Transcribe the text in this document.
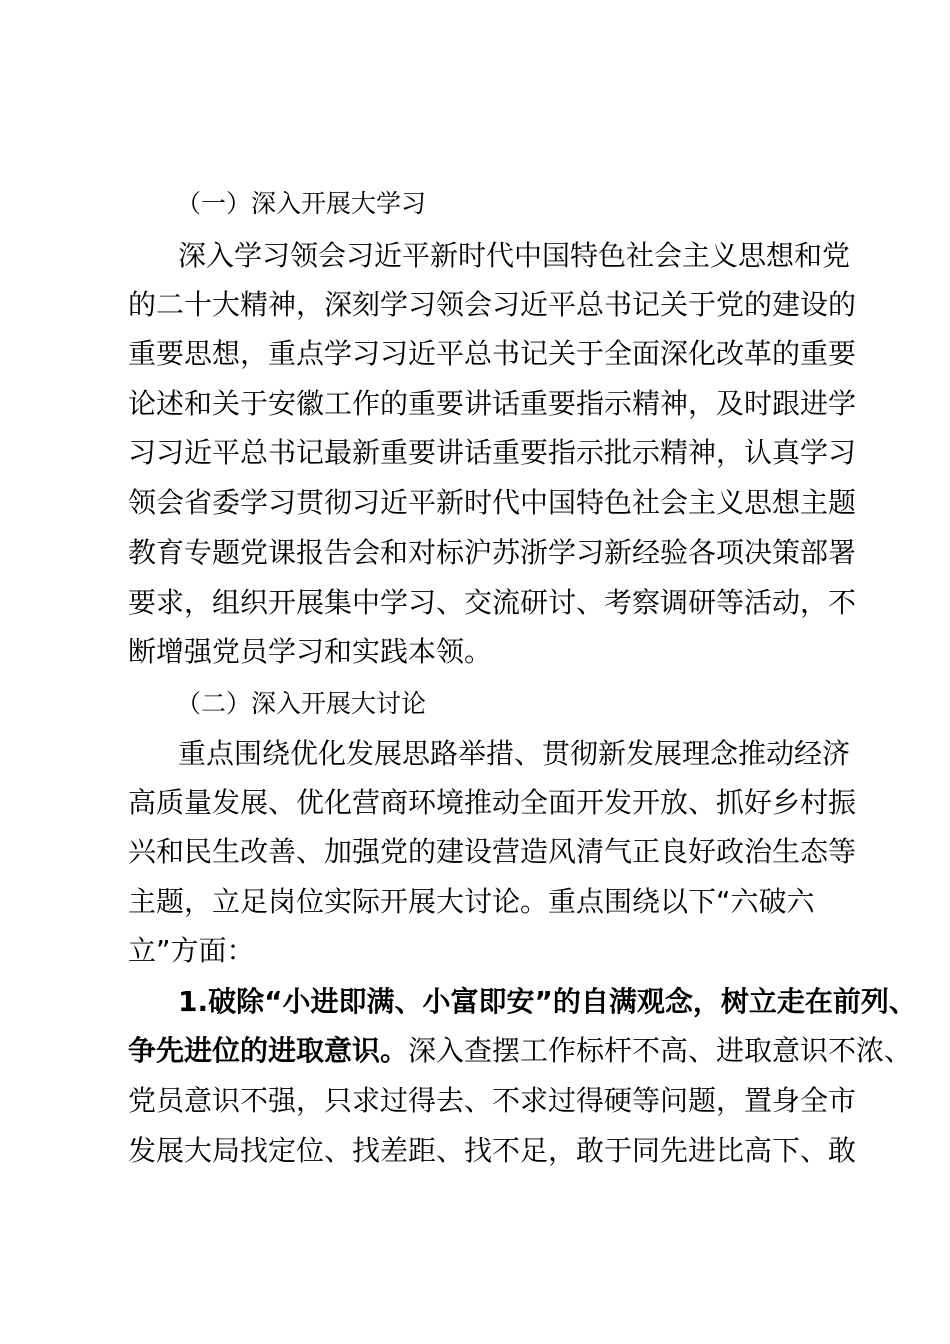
（一）深入开展大学习
深入学习领会习近平新时代中国特色社会主义思想和党
的二十大精神，深刻学习领会习近平总书记关于党的建设的
重要思想，重点学习习近平总书记关于全面深化改革的重要
论述和关于安徽工作的重要讲话重要指示精神，及时跟进学
习习近平总书记最新重要讲话重要指示批示精神，认真学习
领会省委学习贯彻习近平新时代中国特色社会主义思想主题
教育专题党课报告会和对标沪苏浙学习新经验各项决策部署
要求，组织开展集中学习、交流研讨、考察调研等活动，不
断增强党员学习和实践本领。
（二）深入开展大讨论
重点围绕优化发展思路举措、贯彻新发展理念推动经济
高质量发展、优化营商环境推动全面开发开放、抓好乡村振
兴和民生改善、加强党的建设营造风清气正良好政治生态等
主题，立足岗位实际开展大讨论。重点围绕以下“六破六
立”方面：
1.破除“小进即满、小富即安”的自满观念，树立走在前列、
争先进位的进取意识。深入查摆工作标杆不高、进取意识不浓、
党员意识不强，只求过得去、不求过得硬等问题，置身全市
发展大局找定位、找差距、找不足，敢于同先进比高下、敢
